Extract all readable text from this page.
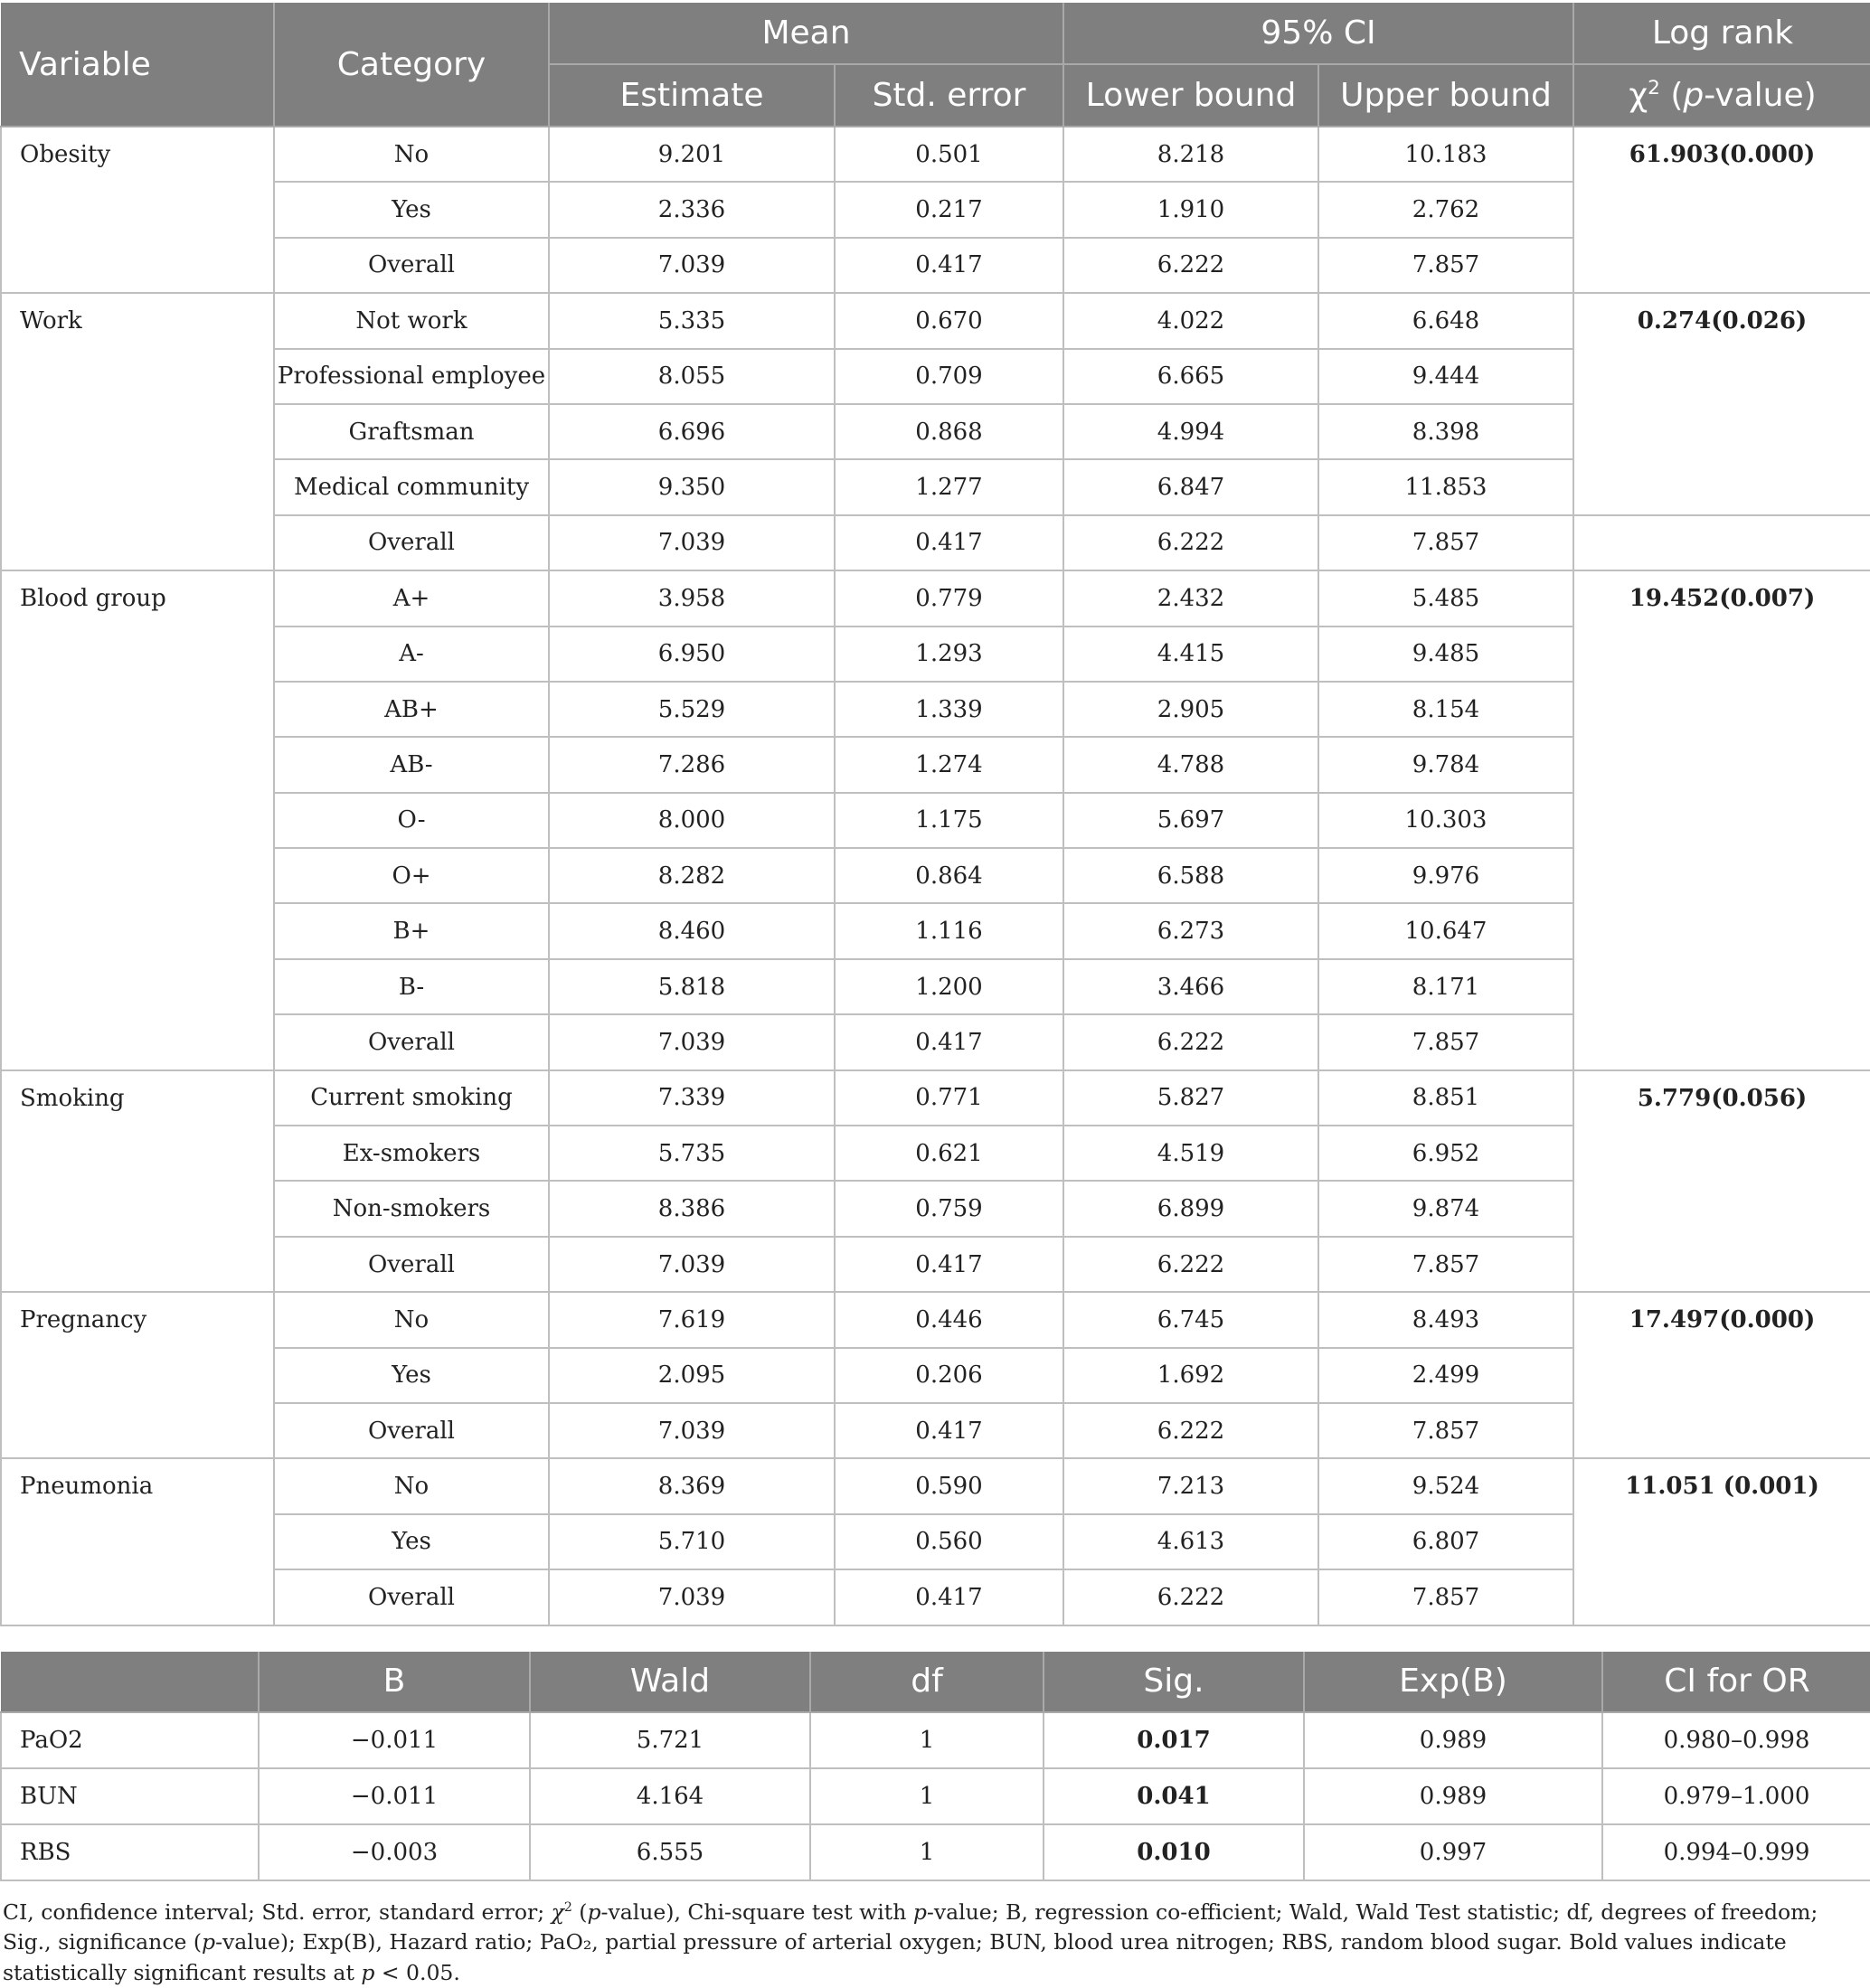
Variable	Category	Mean		95% CI		Log rank
		Estimate	Std. error	Lower bound	Upper bound	$\chi^2$ (p-value)
Obesity	No	9.201	0.501	8.218	10.183	61.903(0.000)
	Yes	2.336	0.217	1.910	2.762	
	Overall	7.039	0.417	6.222	7.857	
Work	Not work	5.335	0.670	4.022	6.648	0.274(0.026)
	Professional employee	8.055	0.709	6.665	9.444	
	Graftsman	6.696	0.868	4.994	8.398	
	Medical community	9.350	1.277	6.847	11.853	
	Overall	7.039	0.417	6.222	7.857	
Blood group	A+	3.958	0.779	2.432	5.485	19.452(0.007)
	A-	6.950	1.293	4.415	9.485	
	AB+	5.529	1.339	2.905	8.154	
	AB-	7.286	1.274	4.788	9.784	
	O-	8.000	1.175	5.697	10.303	
	O+	8.282	0.864	6.588	9.976	
	B+	8.460	1.116	6.273	10.647	
	B-	5.818	1.200	3.466	8.171	
	Overall	7.039	0.417	6.222	7.857	
Smoking	Current smoking	7.339	0.771	5.827	8.851	5.779(0.056)
	Ex-smokers	5.735	0.621	4.519	6.952	
	Non-smokers	8.386	0.759	6.899	9.874	
	Overall	7.039	0.417	6.222	7.857	
Pregnancy	No	7.619	0.446	6.745	8.493	17.497(0.000)
	Yes	2.095	0.206	1.692	2.499	
	Overall	7.039	0.417	6.222	7.857	
Pneumonia	No	8.369	0.590	7.213	9.524	11.051 (0.001)
	Yes	5.710	0.560	4.613	6.807	
	Overall	7.039	0.417	6.222	7.857	
	B	Wald	df	Sig.	Exp(B)	CI for OR
PaO2	−0.011	5.721	1	0.017	0.989	0.980–0.998
BUN	−0.011	4.164	1	0.041	0.989	0.979–1.000
RBS	−0.003	6.555	1	0.010	0.997	0.994–0.999
CI, confidence interval; Std. error, standard error; $\chi^2$ (p-value), Chi-square test with p-value; B, regression co-efficient; Wald, Wald Test statistic; df, degrees of freedom; Sig., significance (p-value); Exp(B), Hazard ratio; PaO₂, partial pressure of arterial oxygen; BUN, blood urea nitrogen; RBS, random blood sugar. Bold values indicate statistically significant results at p < 0.05.
